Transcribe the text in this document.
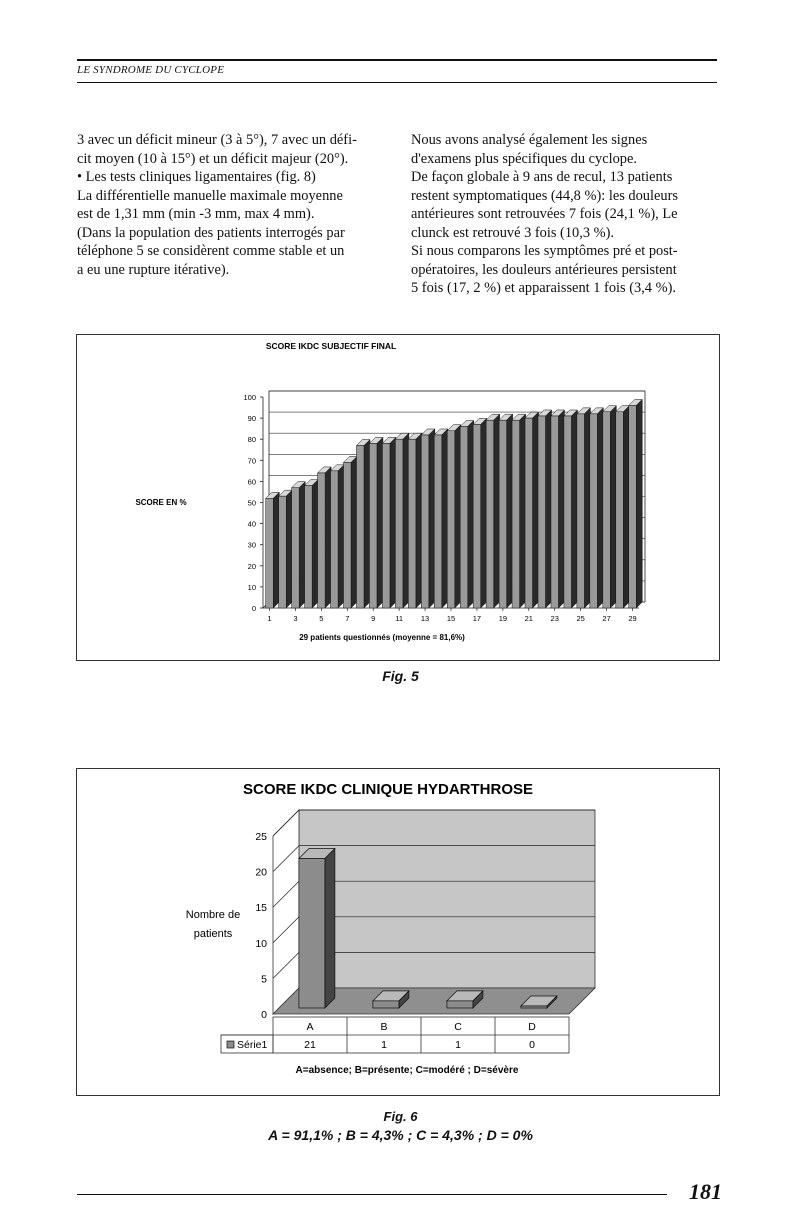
LE SYNDROME DU CYCLOPE

3 avec un déficit mineur (3 à 5°), 7 avec un défi-

cit moyen (10 à 15°) et un déficit majeur (20°).

• Les tests cliniques ligamentaires (fig. 8)

La différentielle manuelle maximale moyenne

est de 1,31 mm (min -3 mm, max 4 mm).

(Dans la population des patients interrogés par

téléphone 5 se considèrent comme stable et un

a eu une rupture itérative).

Nous avons analysé également les signes

d'examens plus spécifiques du cyclope.

De façon globale à 9 ans de recul, 13 patients

restent symptomatiques (44,8 %): les douleurs

antérieures sont retrouvées 7 fois (24,1 %), Le

clunck est retrouvé 3 fois (10,3 %).

Si nous comparons les symptômes pré et post-

opératoires, les douleurs antérieures persistent

5 fois (17, 2 %) et apparaissent 1 fois (3,4 %).

SCORE IKDC SUBJECTIF FINAL
SCORE EN %
29 patients questionnés (moyenne = 81,6%)
0
10
20
30
40
50
60
70
80
90
100
1	3	5	7	9	11 13 15 17 19 21 23 25 27 29
Fig. 5
SCORE IKDC CLINIQUE HYDARTHROSE
Nombre de
patients
0
5
10
15
20
25
A	B	C	D
21	1	1	0
Série1
A=absence; B=présente; C=modéré ; D=sévère
Fig. 6
A = 91,1% ; B = 4,3% ; C = 4,3% ; D = 0%
181
